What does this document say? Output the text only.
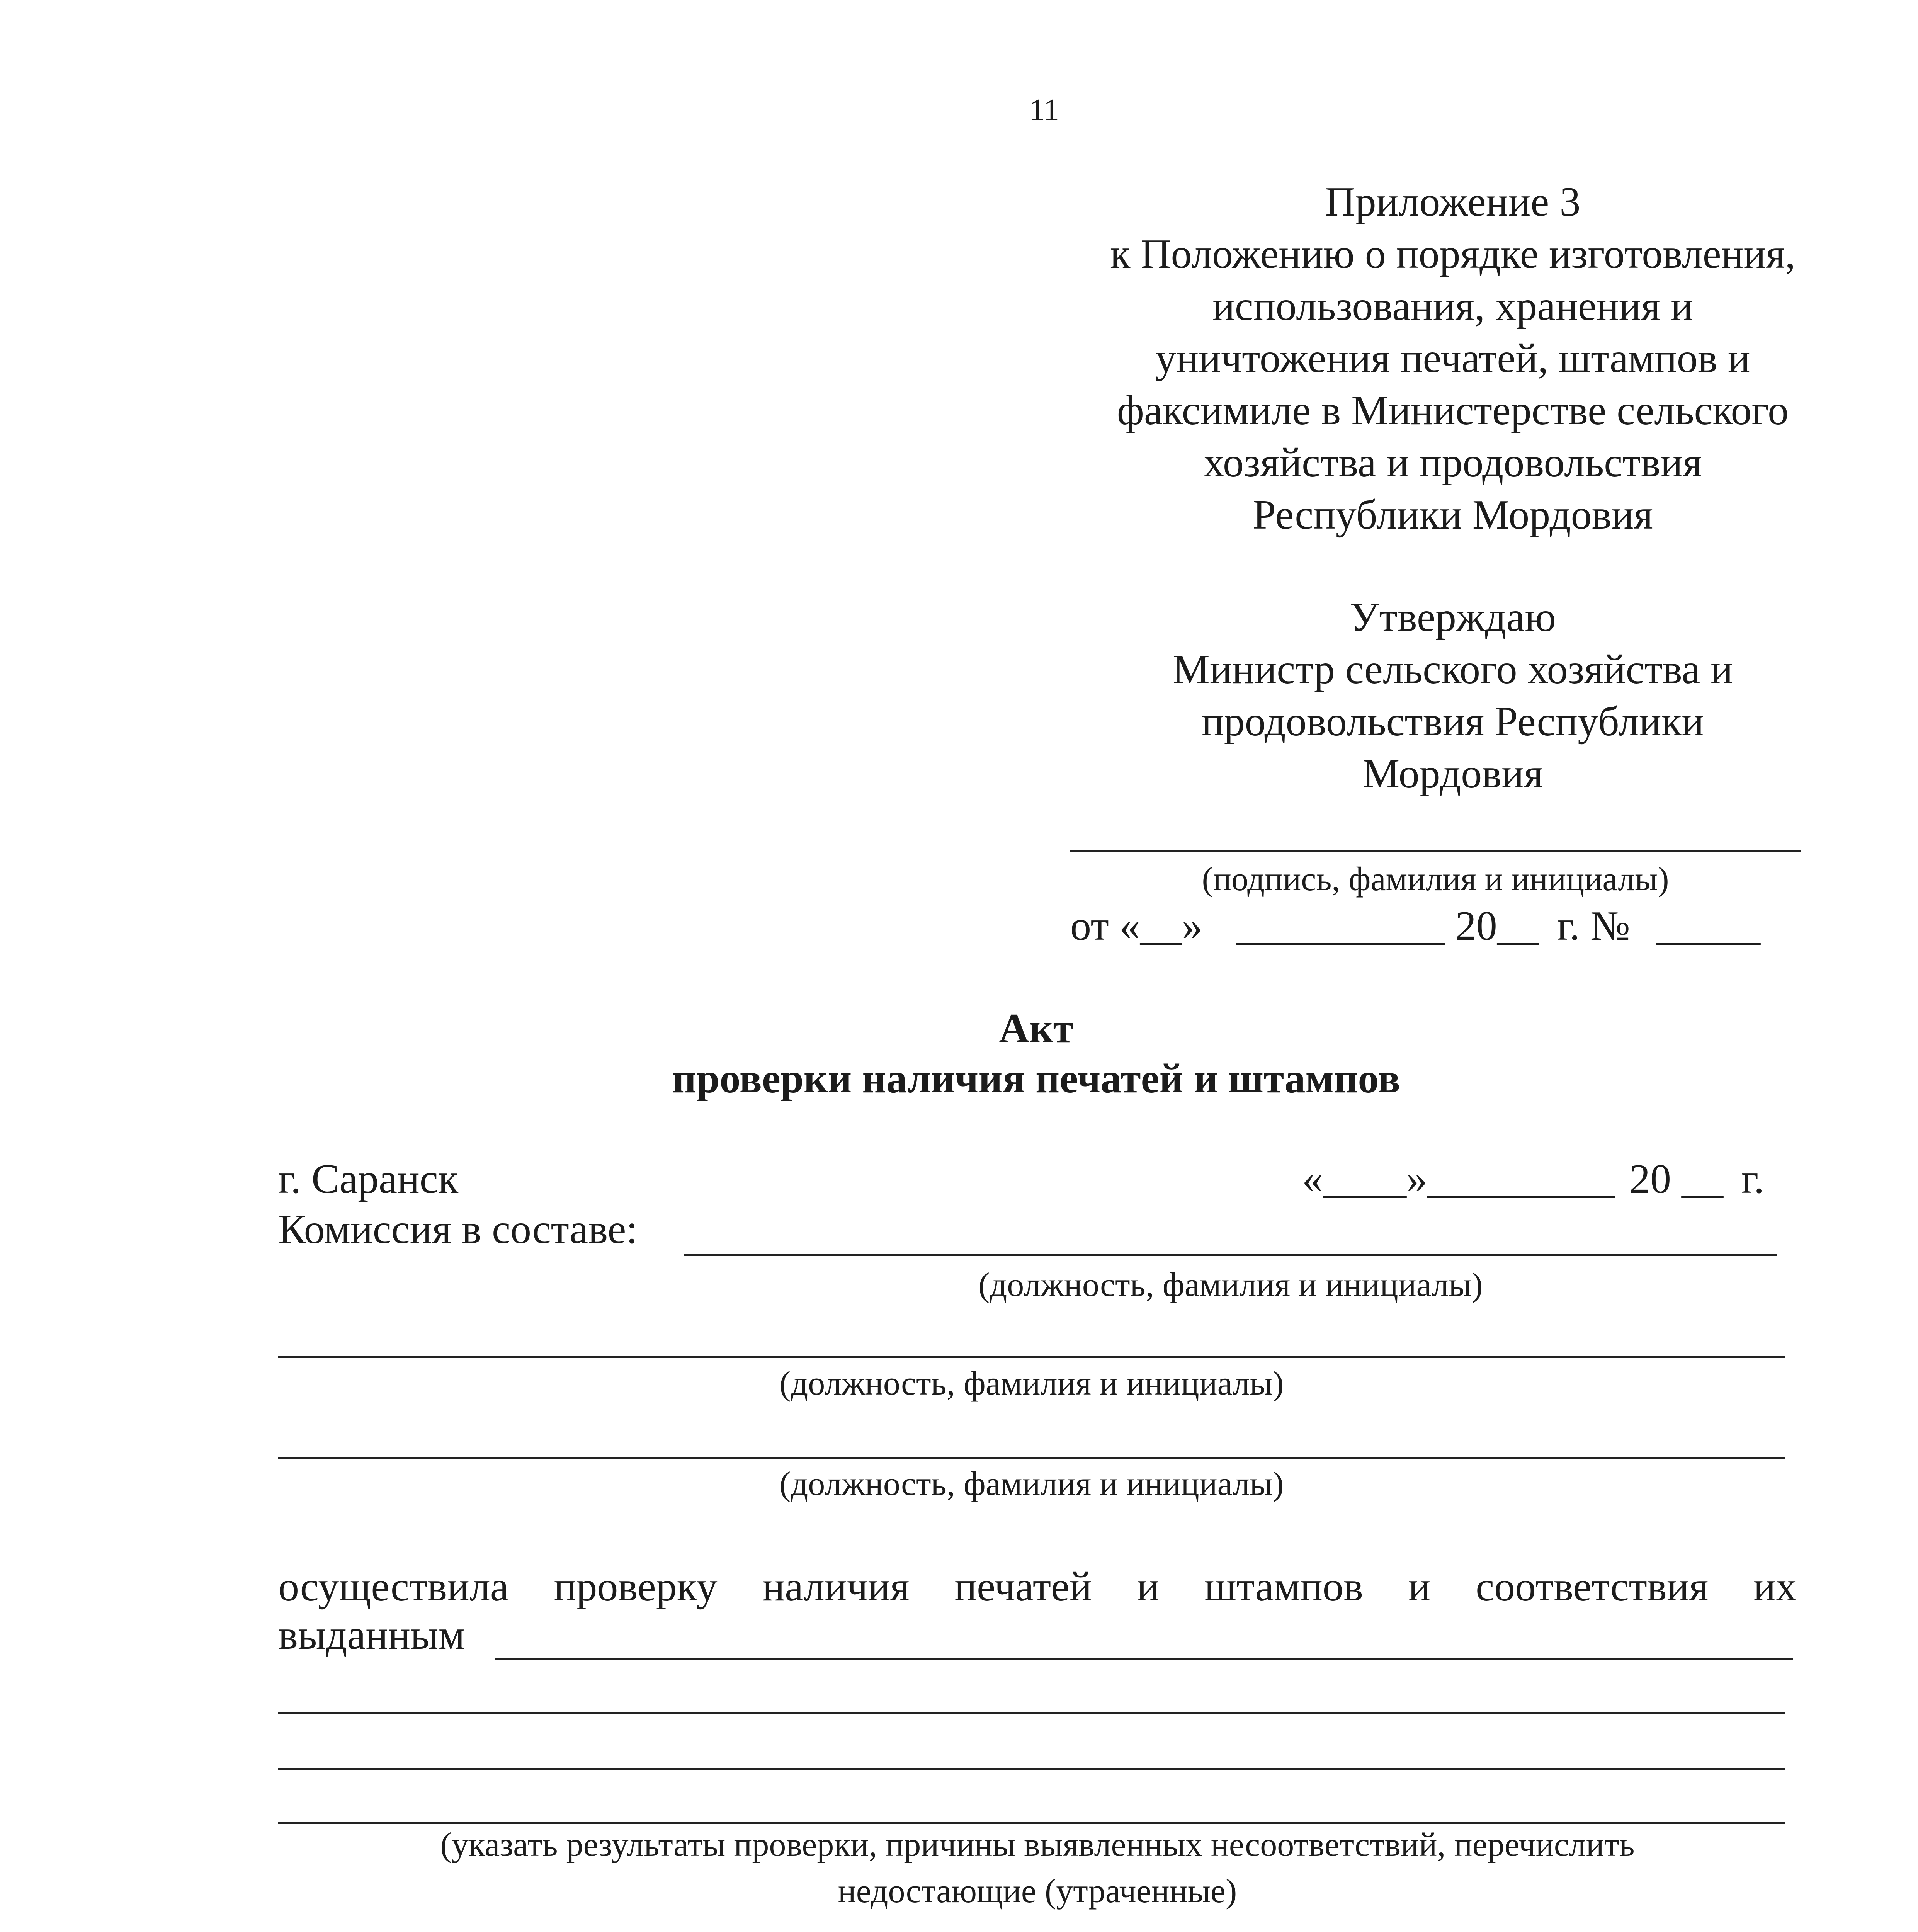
11
Приложение 3
к Положению о порядке изготовления,
использования, хранения и
уничтожения печатей, штампов и
факсимиле в Министерстве сельского
хозяйства и продовольствия
Республики Мордовия
Утверждаю
Министр сельского хозяйства и
продовольствия Республики
Мордовия
(подпись, фамилия и инициалы)
от «__» __________ 20__ г. № _____
Акт
проверки наличия печатей и штампов
г. Саранск	«____»_________ 20 __ г.
Комиссия в составе:
(должность, фамилия и инициалы)
(должность, фамилия и инициалы)
(должность, фамилия и инициалы)
осуществила проверку наличия печатей и штампов и соответствия их
выданным
(указать результаты проверки, причины выявленных несоответствий, перечислить
недостающие (утраченные)
